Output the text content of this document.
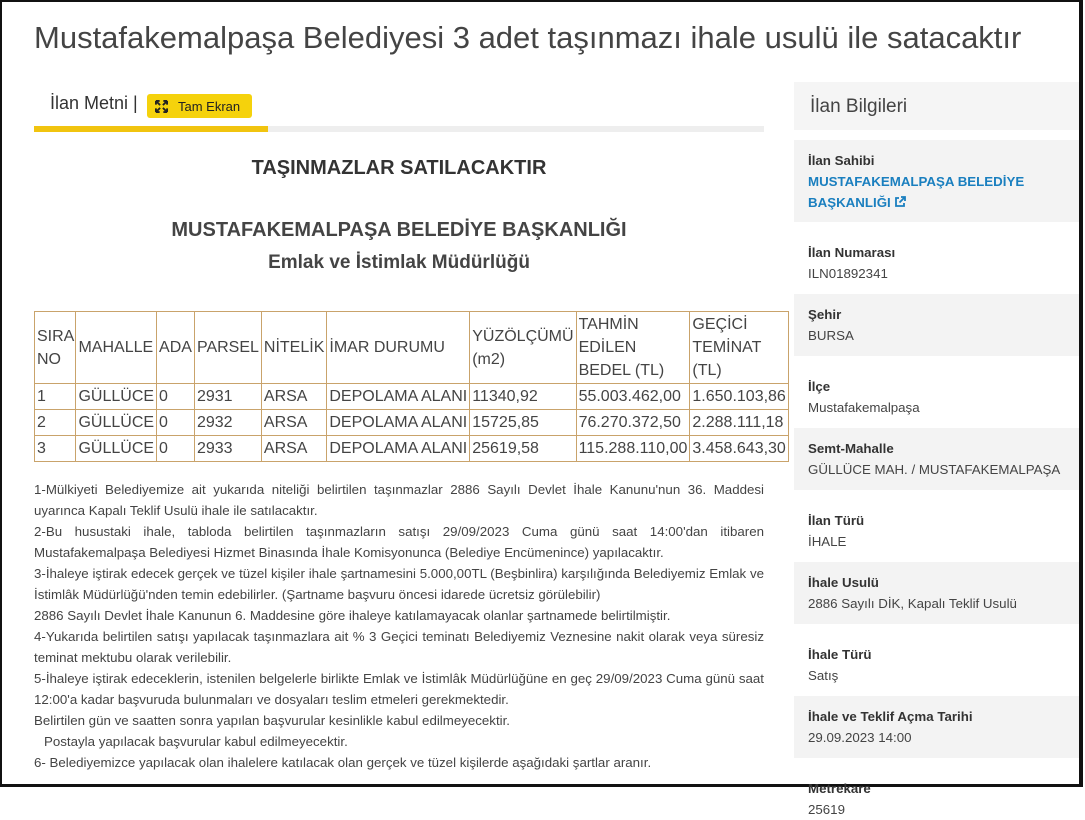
Mustafakemalpaşa Belediyesi 3 adet taşınmazı ihale usulü ile satacaktır
İlan Metni |	Tam Ekran
TAŞINMAZLAR SATILACAKTIR
MUSTAFAKEMALPAŞA BELEDİYE BAŞKANLIĞI
Emlak ve İstimlak Müdürlüğü
SIRA NO	MAHALLE	ADA	PARSEL	NİTELİK	İMAR DURUMU	YÜZÖLÇÜMÜ (m2)	TAHMİN EDİLEN BEDEL (TL)	GEÇİCİ TEMİNAT (TL)
1	GÜLLÜCE	0	2931	ARSA	DEPOLAMA ALANI	11340,92	55.003.462,00	1.650.103,86
2	GÜLLÜCE	0	2932	ARSA	DEPOLAMA ALANI	15725,85	76.270.372,50	2.288.111,18
3	GÜLLÜCE	0	2933	ARSA	DEPOLAMA ALANI	25619,58	115.288.110,00	3.458.643,30

1-Mülkiyeti Belediyemize ait yukarıda niteliği belirtilen taşınmazlar 2886 Sayılı Devlet İhale Kanunu'nun 36. Maddesi uyarınca Kapalı Teklif Usulü ihale ile satılacaktır.

2-Bu husustaki ihale, tabloda belirtilen taşınmazların satışı 29/09/2023 Cuma günü saat 14:00'dan itibaren Mustafakemalpaşa Belediyesi Hizmet Binasında İhale Komisyonunca (Belediye Encümenince) yapılacaktır.

3-İhaleye iştirak edecek gerçek ve tüzel kişiler ihale şartnamesini 5.000,00TL (Beşbinlira) karşılığında Belediyemiz Emlak ve İstimlâk Müdürlüğü'nden temin edebilirler. (Şartname başvuru öncesi idarede ücretsiz görülebilir)

2886 Sayılı Devlet İhale Kanunun 6. Maddesine göre ihaleye katılamayacak olanlar şartnamede belirtilmiştir.

4-Yukarıda belirtilen satışı yapılacak taşınmazlara ait % 3 Geçici teminatı Belediyemiz Veznesine nakit olarak veya süresiz teminat mektubu olarak verilebilir.

5-İhaleye iştirak edeceklerin, istenilen belgelerle birlikte Emlak ve İstimlâk Müdürlüğüne en geç 29/09/2023 Cuma günü saat 12:00'a kadar başvuruda bulunmaları ve dosyaları teslim etmeleri gerekmektedir.

Belirtilen gün ve saatten sonra yapılan başvurular kesinlikle kabul edilmeyecektir.

Postayla yapılacak başvurular kabul edilmeyecektir.

6- Belediyemizce yapılacak olan ihalelere katılacak olan gerçek ve tüzel kişilerde aşağıdaki şartlar aranır.

İlan Bilgileri
İlan Sahibi
MUSTAFAKEMALPAŞA BELEDİYE BAŞKANLIĞI
İlan Numarası
ILN01892341
Şehir
BURSA
İlçe
Mustafakemalpaşa
Semt-Mahalle
GÜLLÜCE MAH. / MUSTAFAKEMALPAŞA
İlan Türü
İHALE
İhale Usulü
2886 Sayılı DİK, Kapalı Teklif Usulü
İhale Türü
Satış
İhale ve Teklif Açma Tarihi
29.09.2023 14:00
Metrekare
25619
